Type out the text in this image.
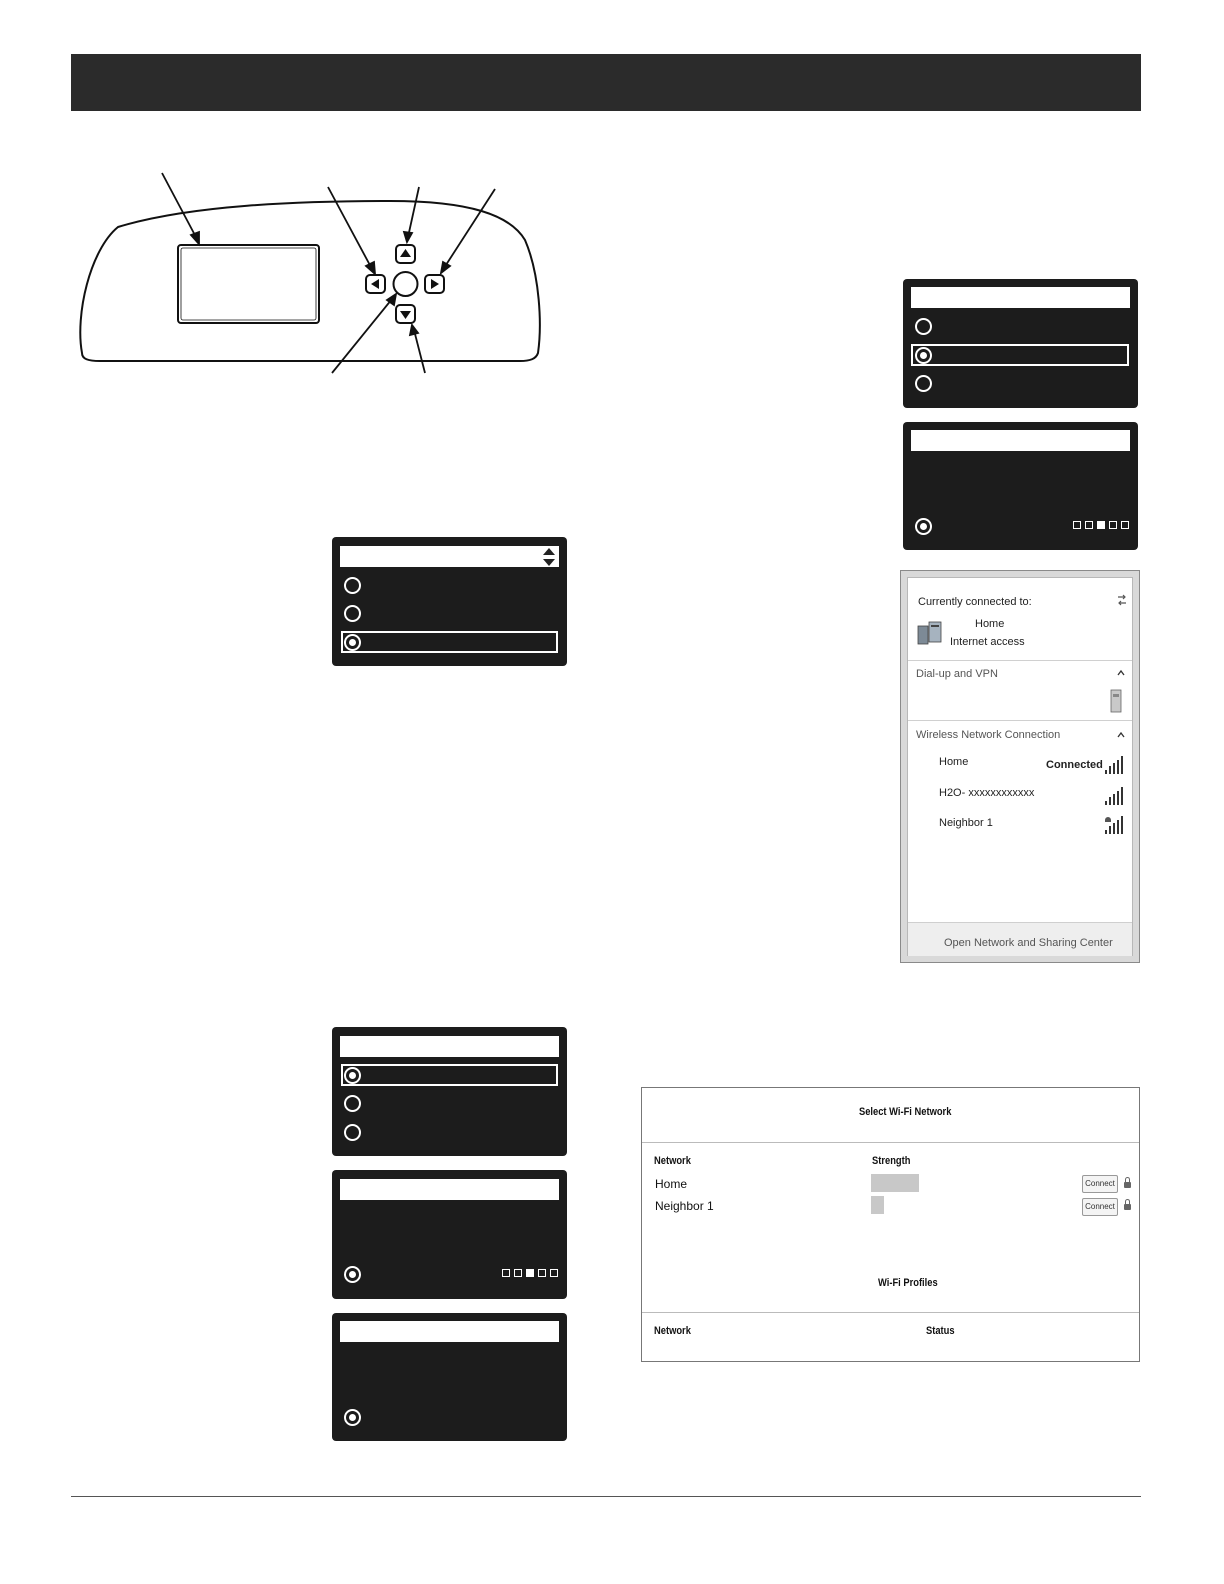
Currently connected to:
Home
Internet access
Dial-up and VPN
Wireless Network Connection
Home	Connected
H2O- xxxxxxxxxxxx
Neighbor 1
Open Network and Sharing Center
Select Wi-Fi Network
Network	Strength
Home	Connect
Neighbor 1	Connect
Wi-Fi Profiles
Network	Status
